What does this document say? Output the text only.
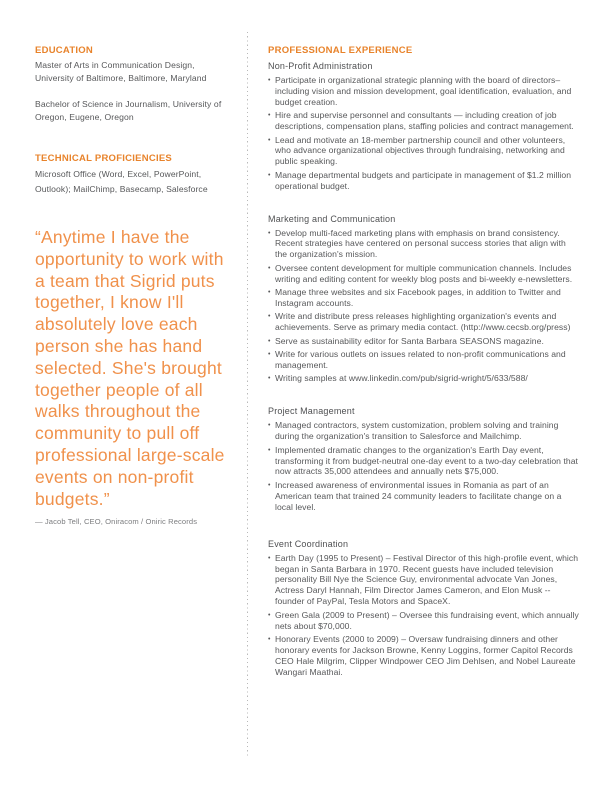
EDUCATION

Master of Arts in Communication Design, University of Baltimore, Baltimore, Maryland

Bachelor of Science in Journalism, University of Oregon, Eugene, Oregon

TECHNICAL PROFICIENCIES

Microsoft Office (Word, Excel, PowerPoint, Outlook); MailChimp, Basecamp, Salesforce

“Anytime I have the
opportunity to work with
a team that Sigrid puts
together, I know I'll
absolutely love each
person she has hand
selected. She's brought
together people of all
walks throughout the
community to pull off
professional large-scale
events on non-profit
budgets.”
— Jacob Tell, CEO, Oniracom / Oniric Records
PROFESSIONAL EXPERIENCE
Non-Profit Administration
• Participate in organizational strategic planning with the board of directors– including vision and mission development, goal identification, evaluation, and budget creation.
• Hire and supervise personnel and consultants — including creation of job descriptions, compensation plans, staffing policies and contract management.
• Lead and motivate an 18-member partnership council and other volunteers, who advance organizational objectives through fundraising, networking and public speaking.
• Manage departmental budgets and participate in management of $1.2 million operational budget.
Marketing and Communication
• Develop multi-faced marketing plans with emphasis on brand consistency. Recent strategies have centered on personal success stories that align with the organization's mission.
• Oversee content development for multiple communication channels. Includes writing and editing content for weekly blog posts and bi-weekly e-newsletters.
• Manage three websites and six Facebook pages, in addition to Twitter and Instagram accounts.
• Write and distribute press releases highlighting organization's events and achievements. Serve as primary media contact. (http://www.cecsb.org/press)
• Serve as sustainability editor for Santa Barbara SEASONS magazine.
• Write for various outlets on issues related to non-profit communications and management.
• Writing samples at www.linkedin.com/pub/sigrid-wright/5/633/588/
Project Management
• Managed contractors, system customization, problem solving and training during the organization's transition to Salesforce and Mailchimp.
• Implemented dramatic changes to the organization's Earth Day event, transforming it from budget-neutral one-day event to a two-day celebration that now attracts 35,000 attendees and annually nets $75,000.
• Increased awareness of environmental issues in Romania as part of an American team that trained 24 community leaders to facilitate change on a local level.
Event Coordination
• Earth Day (1995 to Present) – Festival Director of this high-profile event, which began in Santa Barbara in 1970. Recent guests have included television personality Bill Nye the Science Guy, environmental advocate Van Jones, Actress Daryl Hannah, Film Director James Cameron, and Elon Musk -- founder of PayPal, Tesla Motors and SpaceX.
• Green Gala (2009 to Present) – Oversee this fundraising event, which annually nets about $70,000.
• Honorary Events (2000 to 2009) – Oversaw fundraising dinners and other honorary events for Jackson Browne, Kenny Loggins, former Capitol Records CEO Hale Milgrim, Clipper Windpower CEO Jim Dehlsen, and Nobel Laureate Wangari Maathai.
